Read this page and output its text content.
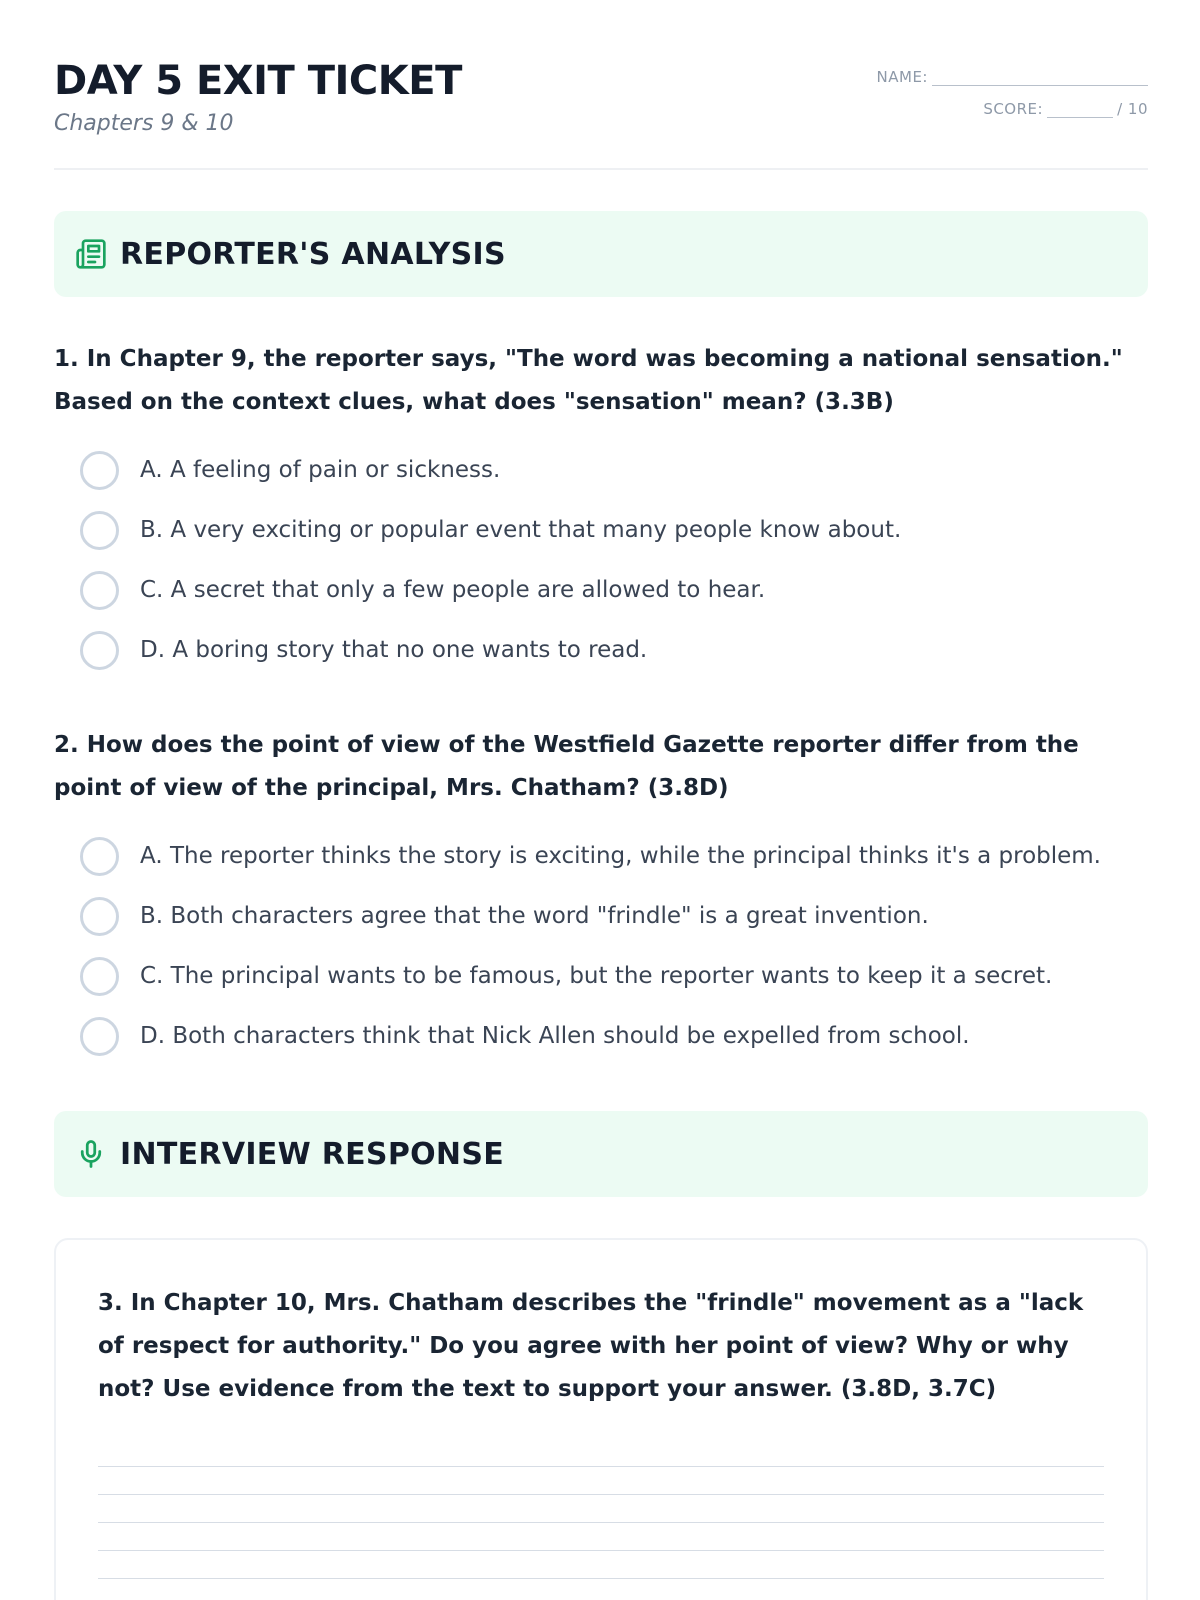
DAY 5 EXIT TICKET
Chapters 9 & 10
NAME:
SCORE:	/ 10
REPORTER'S ANALYSIS
1. In Chapter 9, the reporter says, "The word was becoming a national sensation." Based on the context clues, what does "sensation" mean? (3.3B)
A. A feeling of pain or sickness.
B. A very exciting or popular event that many people know about.
C. A secret that only a few people are allowed to hear.
D. A boring story that no one wants to read.
2. How does the point of view of the Westfield Gazette reporter differ from the point of view of the principal, Mrs. Chatham? (3.8D)
A. The reporter thinks the story is exciting, while the principal thinks it's a problem.
B. Both characters agree that the word "frindle" is a great invention.
C. The principal wants to be famous, but the reporter wants to keep it a secret.
D. Both characters think that Nick Allen should be expelled from school.
INTERVIEW RESPONSE
3. In Chapter 10, Mrs. Chatham describes the "frindle" movement as a "lack of respect for authority." Do you agree with her point of view? Why or why not? Use evidence from the text to support your answer. (3.8D, 3.7C)
